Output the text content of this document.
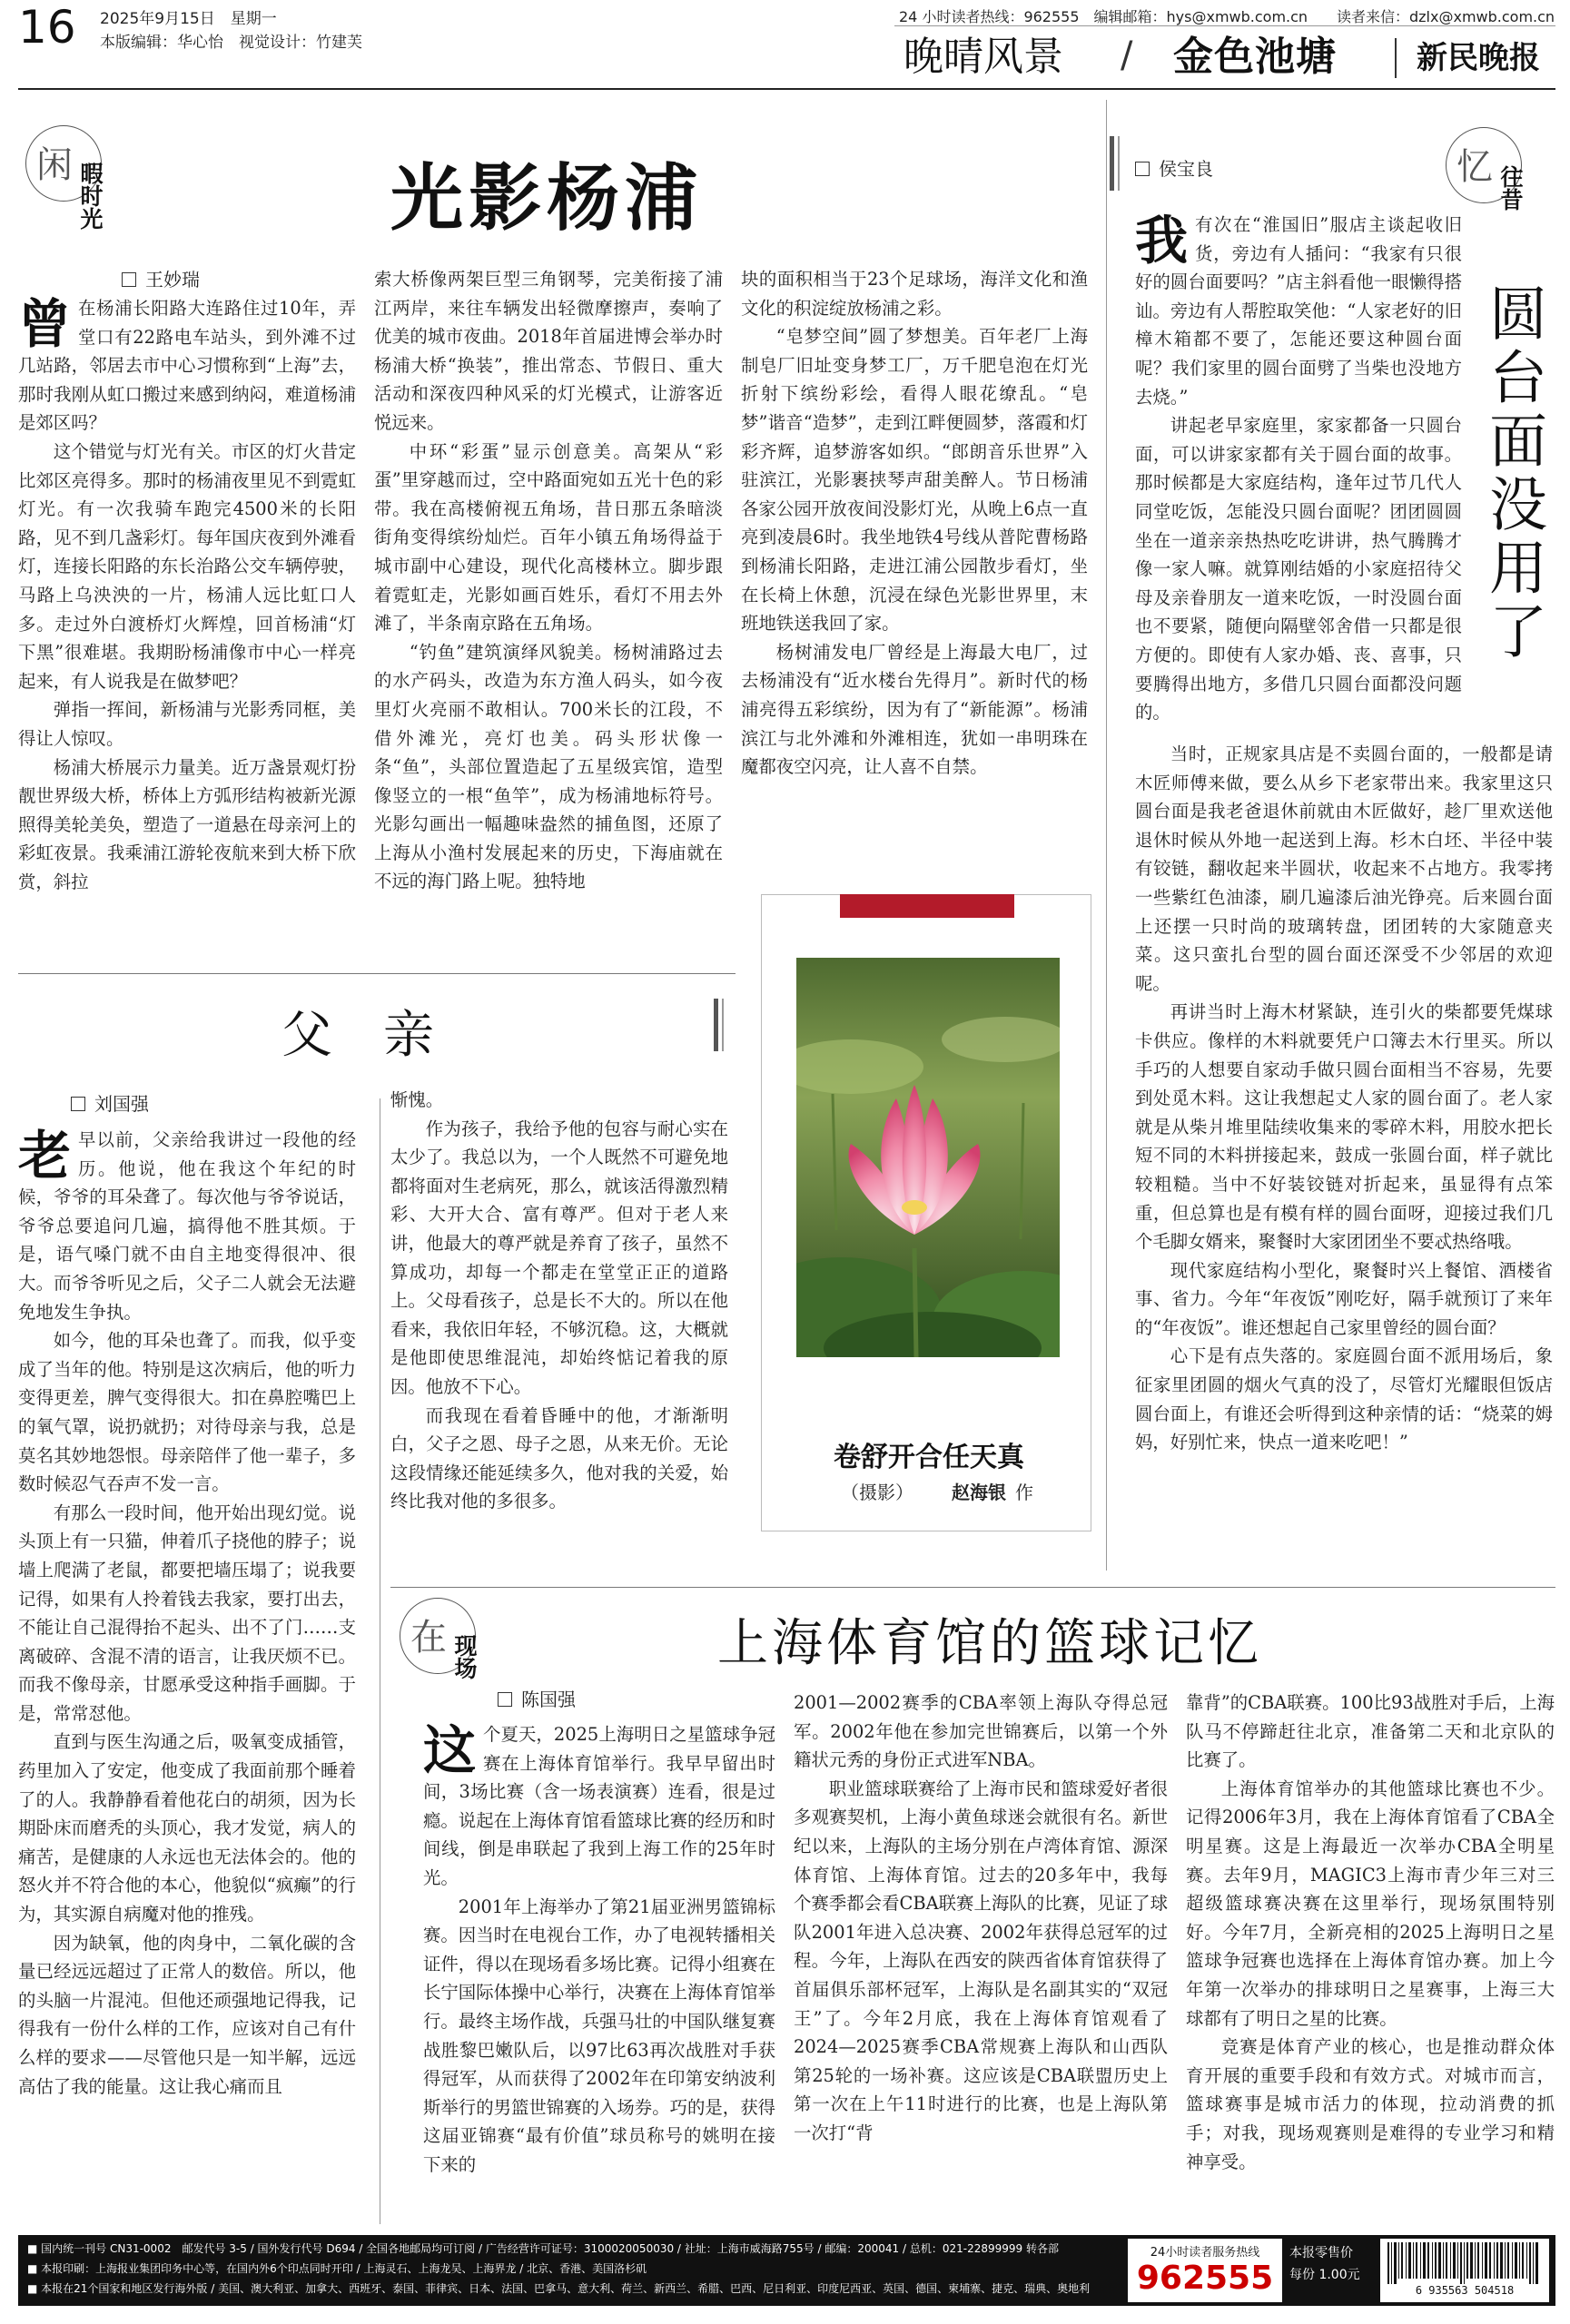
16 2025年9月15日　星期一
本版编辑：华心怡　视觉设计：竹建芙
24 小时读者热线：962555　编辑邮箱：hys@xmwb.com.cn 读者来信：dzlx@xmwb.com.cn
晚晴风景 / 金色池塘	新民晚报
闲 暇时光	光影杨浦
王妙瑞

曾在杨浦长阳路大连路住过10年，弄堂口有22路电车站头，到外滩不过几站路，邻居去市中心习惯称到“上海”去，那时我刚从虹口搬过来感到纳闷，难道杨浦是郊区吗？

这个错觉与灯光有关。市区的灯火昔定比郊区亮得多。那时的杨浦夜里见不到霓虹灯光。有一次我骑车跑完4500米的长阳路，见不到几盏彩灯。每年国庆夜到外滩看灯，连接长阳路的东长治路公交车辆停驶，马路上乌泱泱的一片，杨浦人远比虹口人多。走过外白渡桥灯火辉煌，回首杨浦“灯下黑”很难堪。我期盼杨浦像市中心一样亮起来，有人说我是在做梦吧？

弹指一挥间，新杨浦与光影秀同框，美得让人惊叹。

杨浦大桥展示力量美。近万盏景观灯扮靓世界级大桥，桥体上方弧形结构被新光源照得美轮美奂，塑造了一道悬在母亲河上的彩虹夜景。我乘浦江游轮夜航来到大桥下欣赏，斜拉

索大桥像两架巨型三角钢琴，完美衔接了浦江两岸，来往车辆发出轻微摩擦声，奏响了优美的城市夜曲。2018年首届进博会举办时杨浦大桥“换装”，推出常态、节假日、重大活动和深夜四种风采的灯光模式，让游客近悦远来。

中环“彩蛋”显示创意美。高架从“彩蛋”里穿越而过，空中路面宛如五光十色的彩带。我在高楼俯视五角场，昔日那五条暗淡街角变得缤纷灿烂。百年小镇五角场得益于城市副中心建设，现代化高楼林立。脚步跟着霓虹走，光影如画百姓乐，看灯不用去外滩了，半条南京路在五角场。

“钓鱼”建筑演绎风貌美。杨树浦路过去的水产码头，改造为东方渔人码头，如今夜里灯火亮丽不敢相认。700米长的江段，不借外滩光，亮灯也美。码头形状像一条“鱼”，头部位置造起了五星级宾馆，造型像竖立的一根“鱼竿”，成为杨浦地标符号。光影勾画出一幅趣味盎然的捕鱼图，还原了上海从小渔村发展起来的历史，下海庙就在不远的海门路上呢。独特地

块的面积相当于23个足球场，海洋文化和渔文化的积淀绽放杨浦之彩。

“皂梦空间”圆了梦想美。百年老厂上海制皂厂旧址变身梦工厂，万千肥皂泡在灯光折射下缤纷彩绘，看得人眼花缭乱。“皂梦”谐音“造梦”，走到江畔便圆梦，落霞和灯彩齐辉，追梦游客如织。“郎朗音乐世界”入驻滨江，光影裹挟琴声甜美醉人。节日杨浦各家公园开放夜间没影灯光，从晚上6点一直亮到凌晨6时。我坐地铁4号线从普陀曹杨路到杨浦长阳路，走进江浦公园散步看灯，坐在长椅上休憩，沉浸在绿色光影世界里，末班地铁送我回了家。

杨树浦发电厂曾经是上海最大电厂，过去杨浦没有“近水楼台先得月”。新时代的杨浦亮得五彩缤纷，因为有了“新能源”。杨浦滨江与北外滩和外滩相连，犹如一串明珠在魔都夜空闪亮，让人喜不自禁。

卷舒开合任天真
（摄影） 赵海银 作
父　亲
刘国强

老早以前，父亲给我讲过一段他的经历。他说，他在我这个年纪的时候，爷爷的耳朵聋了。每次他与爷爷说话，爷爷总要追问几遍，搞得他不胜其烦。于是，语气嗓门就不由自主地变得很冲、很大。而爷爷听见之后，父子二人就会无法避免地发生争执。

如今，他的耳朵也聋了。而我，似乎变成了当年的他。特别是这次病后，他的听力变得更差，脾气变得很大。扣在鼻腔嘴巴上的氧气罩，说扔就扔；对待母亲与我，总是莫名其妙地怨恨。母亲陪伴了他一辈子，多数时候忍气吞声不发一言。

有那么一段时间，他开始出现幻觉。说头顶上有一只猫，伸着爪子挠他的脖子；说墙上爬满了老鼠，都要把墙压塌了；说我要记得，如果有人拎着钱去我家，要打出去，不能让自己混得抬不起头、出不了门……支离破碎、含混不清的语言，让我厌烦不已。而我不像母亲，甘愿承受这种指手画脚。于是，常常怼他。

直到与医生沟通之后，吸氧变成插管，药里加入了安定，他变成了我面前那个睡着了的人。我静静看着他花白的胡须，因为长期卧床而磨秃的头顶心，我才发觉，病人的痛苦，是健康的人永远也无法体会的。他的怒火并不符合他的本心，他貌似“疯癫”的行为，其实源自病魔对他的推残。

因为缺氧，他的肉身中，二氧化碳的含量已经远远超过了正常人的数倍。所以，他的头脑一片混沌。但他还顽强地记得我，记得我有一份什么样的工作，应该对自己有什么样的要求——尽管他只是一知半解，远远高估了我的能量。这让我心痛而且

惭愧。

作为孩子，我给予他的包容与耐心实在太少了。我总以为，一个人既然不可避免地都将面对生老病死，那么，就该活得激烈精彩、大开大合、富有尊严。但对于老人来讲，他最大的尊严就是养育了孩子，虽然不算成功，却每一个都走在堂堂正正的道路上。父母看孩子，总是长不大的。所以在他看来，我依旧年轻，不够沉稳。这，大概就是他即使思维混沌，却始终惦记着我的原因。他放不下心。

而我现在看着昏睡中的他，才渐渐明白，父子之恩、母子之恩，从来无价。无论这段情缘还能延续多久，他对我的关爱，始终比我对他的多很多。

侯宝良	忆 往昔
圆台面没用了

我有次在“淮国旧”服店主谈起收旧货，旁边有人插问：“我家有只很好的圆台面要吗？”店主斜看他一眼懒得搭讪。旁边有人帮腔取笑他：“人家老好的旧樟木箱都不要了，怎能还要这种圆台面呢？我们家里的圆台面劈了当柴也没地方去烧。”

讲起老早家庭里，家家都备一只圆台面，可以讲家家都有关于圆台面的故事。那时候都是大家庭结构，逢年过节几代人同堂吃饭，怎能没只圆台面呢？团团圆圆坐在一道亲亲热热吃吃讲讲，热气腾腾才像一家人嘛。就算刚结婚的小家庭招待父母及亲眷朋友一道来吃饭，一时没圆台面也不要紧，随便向隔壁邻舍借一只都是很方便的。即使有人家办婚、丧、喜事，只要腾得出地方，多借几只圆台面都没问题的。

当时，正规家具店是不卖圆台面的，一般都是请木匠师傅来做，要么从乡下老家带出来。我家里这只圆台面是我老爸退休前就由木匠做好，趁厂里欢送他退休时候从外地一起送到上海。杉木白坯、半径中装有铰链，翻收起来半圆状，收起来不占地方。我零拷一些紫红色油漆，刷几遍漆后油光铮亮。后来圆台面上还摆一只时尚的玻璃转盘，团团转的大家随意夹菜。这只蛮扎台型的圆台面还深受不少邻居的欢迎呢。

再讲当时上海木材紧缺，连引火的柴都要凭煤球卡供应。像样的木料就要凭户口簿去木行里买。所以手巧的人想要自家动手做只圆台面相当不容易，先要到处觅木料。这让我想起丈人家的圆台面了。老人家就是从柴爿堆里陆续收集来的零碎木料，用胶水把长短不同的木料拼接起来，鼓成一张圆台面，样子就比较粗糙。当中不好装铰链对折起来，虽显得有点笨重，但总算也是有模有样的圆台面呀，迎接过我们几个毛脚女婿来，聚餐时大家团团坐不要忒热络哦。

现代家庭结构小型化，聚餐时兴上餐馆、酒楼省事、省力。今年“年夜饭”刚吃好，隔手就预订了来年的“年夜饭”。谁还想起自己家里曾经的圆台面？

心下是有点失落的。家庭圆台面不派用场后，象征家里团圆的烟火气真的没了，尽管灯光耀眼但饭店圆台面上，有谁还会听得到这种亲情的话：“烧菜的姆妈，好别忙来，快点一道来吃吧！”

在 现场	上海体育馆的篮球记忆
陈国强

这个夏天，2025上海明日之星篮球争冠赛在上海体育馆举行。我早早留出时间，3场比赛（含一场表演赛）连看，很是过瘾。说起在上海体育馆看篮球比赛的经历和时间线，倒是串联起了我到上海工作的25年时光。

2001年上海举办了第21届亚洲男篮锦标赛。因当时在电视台工作，办了电视转播相关证件，得以在现场看多场比赛。记得小组赛在长宁国际体操中心举行，决赛在上海体育馆举行。最终主场作战，兵强马壮的中国队继复赛战胜黎巴嫩队后，以97比63再次战胜对手获得冠军，从而获得了2002年在印第安纳波利斯举行的男篮世锦赛的入场券。巧的是，获得这届亚锦赛“最有价值”球员称号的姚明在接下来的

2001—2002赛季的CBA率领上海队夺得总冠军。2002年他在参加完世锦赛后，以第一个外籍状元秀的身份正式进军NBA。

职业篮球联赛给了上海市民和篮球爱好者很多观赛契机，上海小黄鱼球迷会就很有名。新世纪以来，上海队的主场分别在卢湾体育馆、源深体育馆、上海体育馆。过去的20多年中，我每个赛季都会看CBA联赛上海队的比赛，见证了球队2001年进入总决赛、2002年获得总冠军的过程。今年，上海队在西安的陕西省体育馆获得了首届俱乐部杯冠军，上海队是名副其实的“双冠王”了。今年2月底，我在上海体育馆观看了2024—2025赛季CBA常规赛上海队和山西队第25轮的一场补赛。这应该是CBA联盟历史上第一次在上午11时进行的比赛，也是上海队第一次打“背

靠背”的CBA联赛。100比93战胜对手后，上海队马不停蹄赶往北京，准备第二天和北京队的比赛了。

上海体育馆举办的其他篮球比赛也不少。记得2006年3月，我在上海体育馆看了CBA全明星赛。这是上海最近一次举办CBA全明星赛。去年9月，MAGIC3上海市青少年三对三超级篮球赛决赛在这里举行，现场氛围特别好。今年7月，全新亮相的2025上海明日之星篮球争冠赛也选择在上海体育馆办赛。加上今年第一次举办的排球明日之星赛事，上海三大球都有了明日之星的比赛。

竞赛是体育产业的核心，也是推动群众体育开展的重要手段和有效方式。对城市而言，篮球赛事是城市活力的体现，拉动消费的抓手；对我，现场观赛则是难得的专业学习和精神享受。

■ 国内统一刊号 CN31-0002　邮发代号 3-5 / 国外发行代号 D694 / 全国各地邮局均可订阅 / 广告经营许可证号：3100020050030 / 社址：上海市威海路755号 / 邮编：200041 / 总机：021-22899999 转各部
■ 本报印刷：上海报业集团印务中心等，在国内外6个印点同时开印 / 上海灵石、上海龙吴、上海界龙 / 北京、香港、美国洛杉矶
■ 本报在21个国家和地区发行海外版 / 美国、澳大利亚、加拿大、西班牙、泰国、菲律宾、日本、法国、巴拿马、意大利、荷兰、新西兰、希腊、巴西、尼日利亚、印度尼西亚、英国、德国、柬埔寨、捷克、瑞典、奥地利
24小时读者服务热线
962555
本报零售价
每份 1.00元
6 935563 504518
